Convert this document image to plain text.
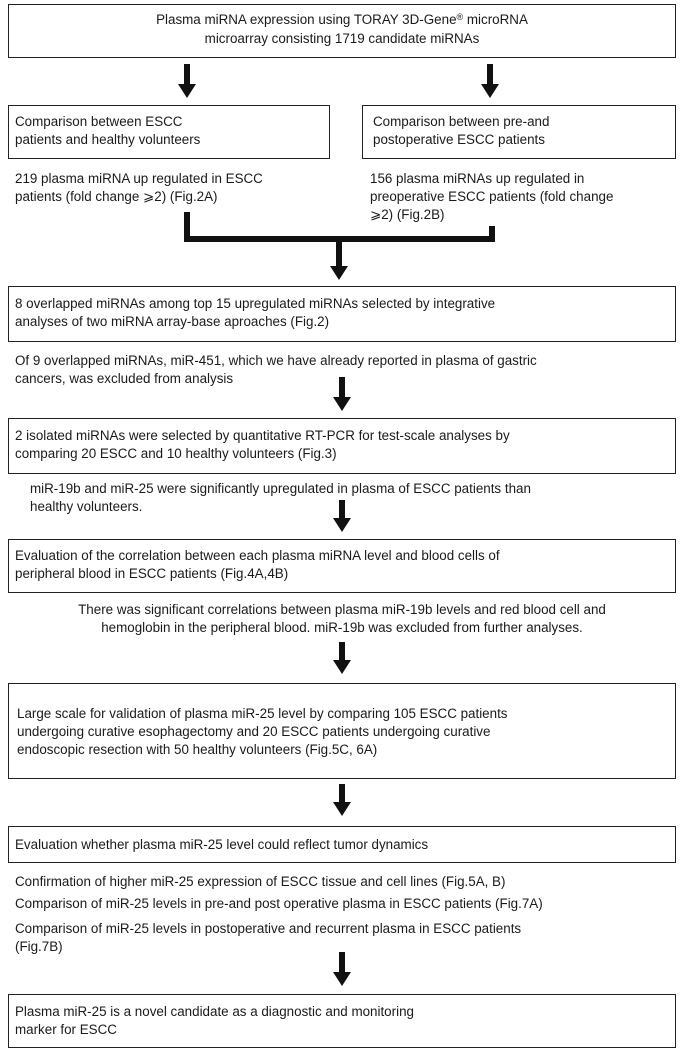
Plasma miRNA expression using TORAY 3D-Gene® microRNA
microarray consisting 1719 candidate miRNAs
Comparison between ESCC
patients and healthy volunteers
219 plasma miRNA up regulated in ESCC
patients (fold change ⩾2) (Fig.2A)
Comparison between pre-and
postoperative ESCC patients
156 plasma miRNAs up regulated in
preoperative ESCC patients (fold change
⩾2) (Fig.2B)
8 overlapped miRNAs among top 15 upregulated miRNAs selected by integrative
analyses of two miRNA array-base aproaches (Fig.2)
Of 9 overlapped miRNAs, miR-451, which we have already reported in plasma of gastric
cancers, was excluded from analysis
2 isolated miRNAs were selected by quantitative RT-PCR for test-scale analyses by
comparing 20 ESCC and 10 healthy volunteers (Fig.3)
miR-19b and miR-25 were significantly upregulated in plasma of ESCC patients than
healthy volunteers.
Evaluation of the correlation between each plasma miRNA level and blood cells of
peripheral blood in ESCC patients (Fig.4A,4B)
There was significant correlations between plasma miR-19b levels and red blood cell and
hemoglobin in the peripheral blood. miR-19b was excluded from further analyses.
Large scale for validation of plasma miR-25 level by comparing 105 ESCC patients
undergoing curative esophagectomy and 20 ESCC patients undergoing curative
endoscopic resection with 50 healthy volunteers (Fig.5C, 6A)
Evaluation whether plasma miR-25 level could reflect tumor dynamics
Confirmation of higher miR-25 expression of ESCC tissue and cell lines (Fig.5A, B)
Comparison of miR-25 levels in pre-and post operative plasma in ESCC patients (Fig.7A)
Comparison of miR-25 levels in postoperative and recurrent plasma in ESCC patients
(Fig.7B)
Plasma miR-25 is a novel candidate as a diagnostic and monitoring
marker for ESCC
